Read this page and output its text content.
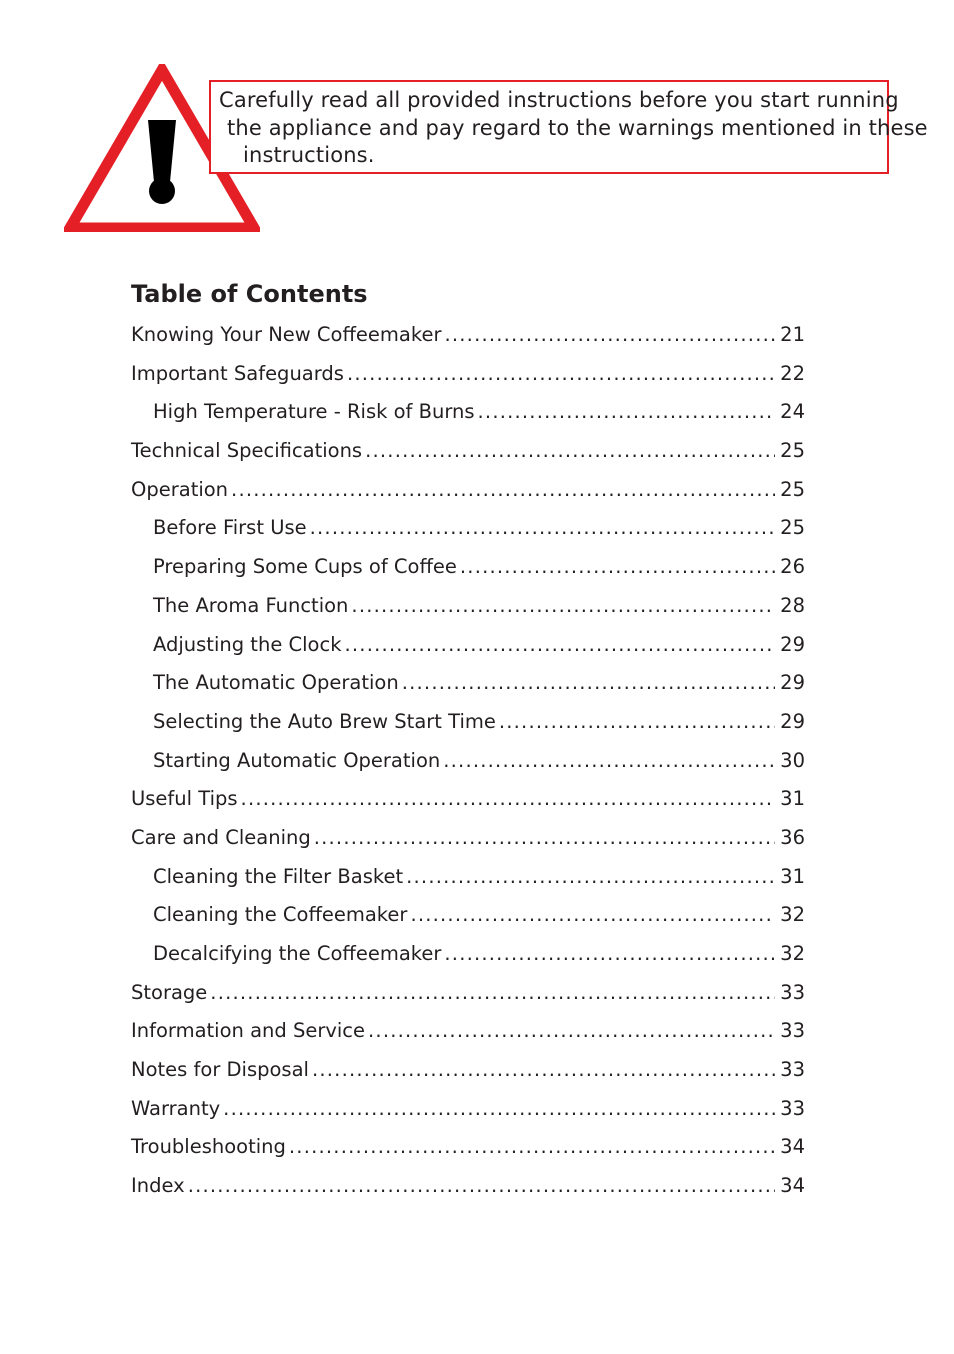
Carefully read all provided instructions before you start running
the appliance and pay regard to the warnings mentioned in these
instructions.
Table of Contents
Knowing Your New Coffeemaker .....	21
Important Safeguards .....	22
High Temperature - Risk of Burns .....	24
Technical Specifications .....	25
Operation .....	25
Before First Use .....	25
Preparing Some Cups of Coffee .....	26
The Aroma Function .....	28
Adjusting the Clock .....	29
The Automatic Operation .....	29
Selecting the Auto Brew Start Time .....	29
Starting Automatic Operation .....	30
Useful Tips .....	31
Care and Cleaning .....	36
Cleaning the Filter Basket .....	31
Cleaning the Coffeemaker .....	32
Decalcifying the Coffeemaker .....	32
Storage .....	33
Information and Service .....	33
Notes for Disposal .....	33
Warranty .....	33
Troubleshooting .....	34
Index .....	34
